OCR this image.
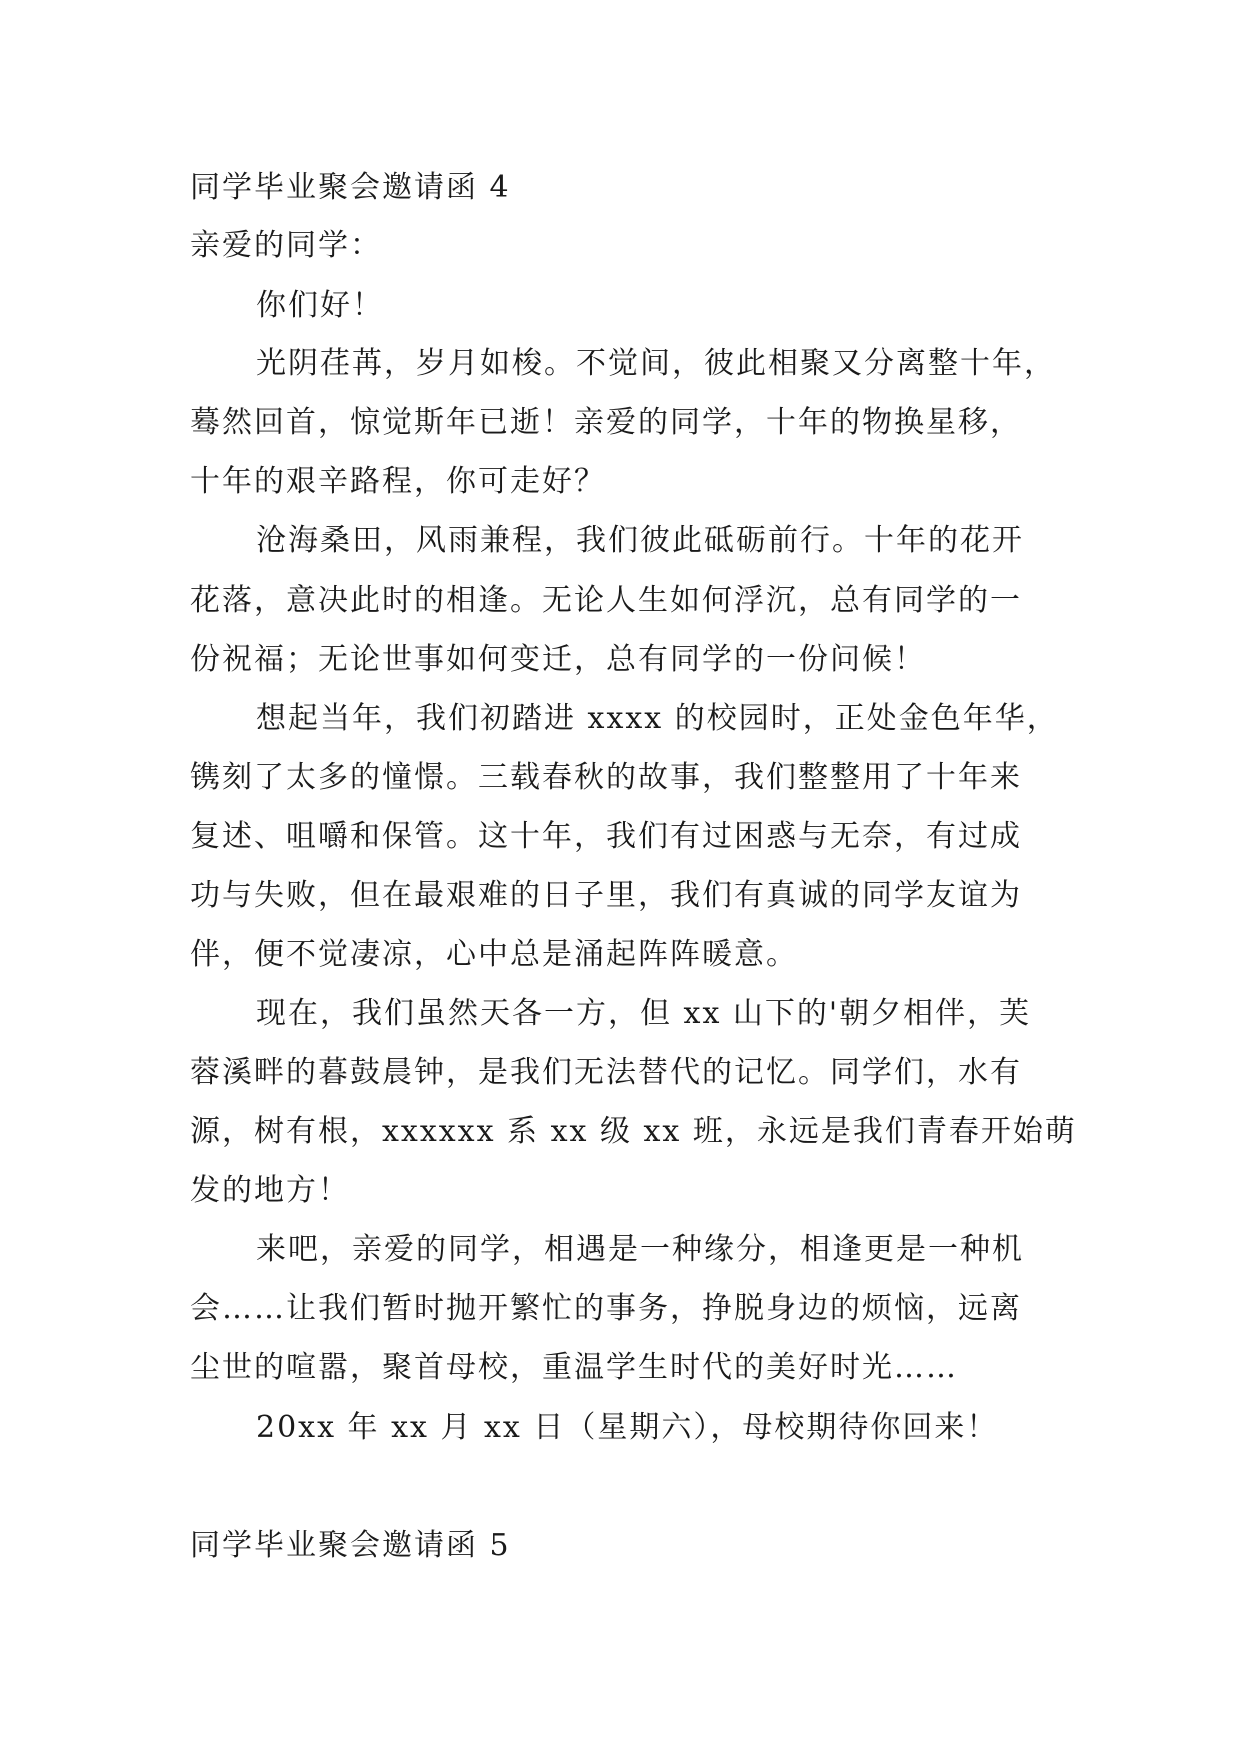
同学毕业聚会邀请函 4
亲爱的同学：
你们好！
光阴荏苒，岁月如梭。不觉间，彼此相聚又分离整十年，
蓦然回首，惊觉斯年已逝！亲爱的同学，十年的物换星移，
十年的艰辛路程，你可走好？
沧海桑田，风雨兼程，我们彼此砥砺前行。十年的花开
花落，意决此时的相逢。无论人生如何浮沉，总有同学的一
份祝福；无论世事如何变迁，总有同学的一份问候！
想起当年，我们初踏进 xxxx 的校园时，正处金色年华，
镌刻了太多的憧憬。三载春秋的故事，我们整整用了十年来
复述、咀嚼和保管。这十年，我们有过困惑与无奈，有过成
功与失败，但在最艰难的日子里，我们有真诚的同学友谊为
伴，便不觉凄凉，心中总是涌起阵阵暖意。
现在，我们虽然天各一方，但 xx 山下的'朝夕相伴，芙
蓉溪畔的暮鼓晨钟，是我们无法替代的记忆。同学们，水有
源，树有根，xxxxxx 系 xx 级 xx 班，永远是我们青春开始萌
发的地方！
来吧，亲爱的同学，相遇是一种缘分，相逢更是一种机
会……让我们暂时抛开繁忙的事务，挣脱身边的烦恼，远离
尘世的喧嚣，聚首母校，重温学生时代的美好时光……
20xx 年 xx 月 xx 日（星期六），母校期待你回来！
同学毕业聚会邀请函 5
